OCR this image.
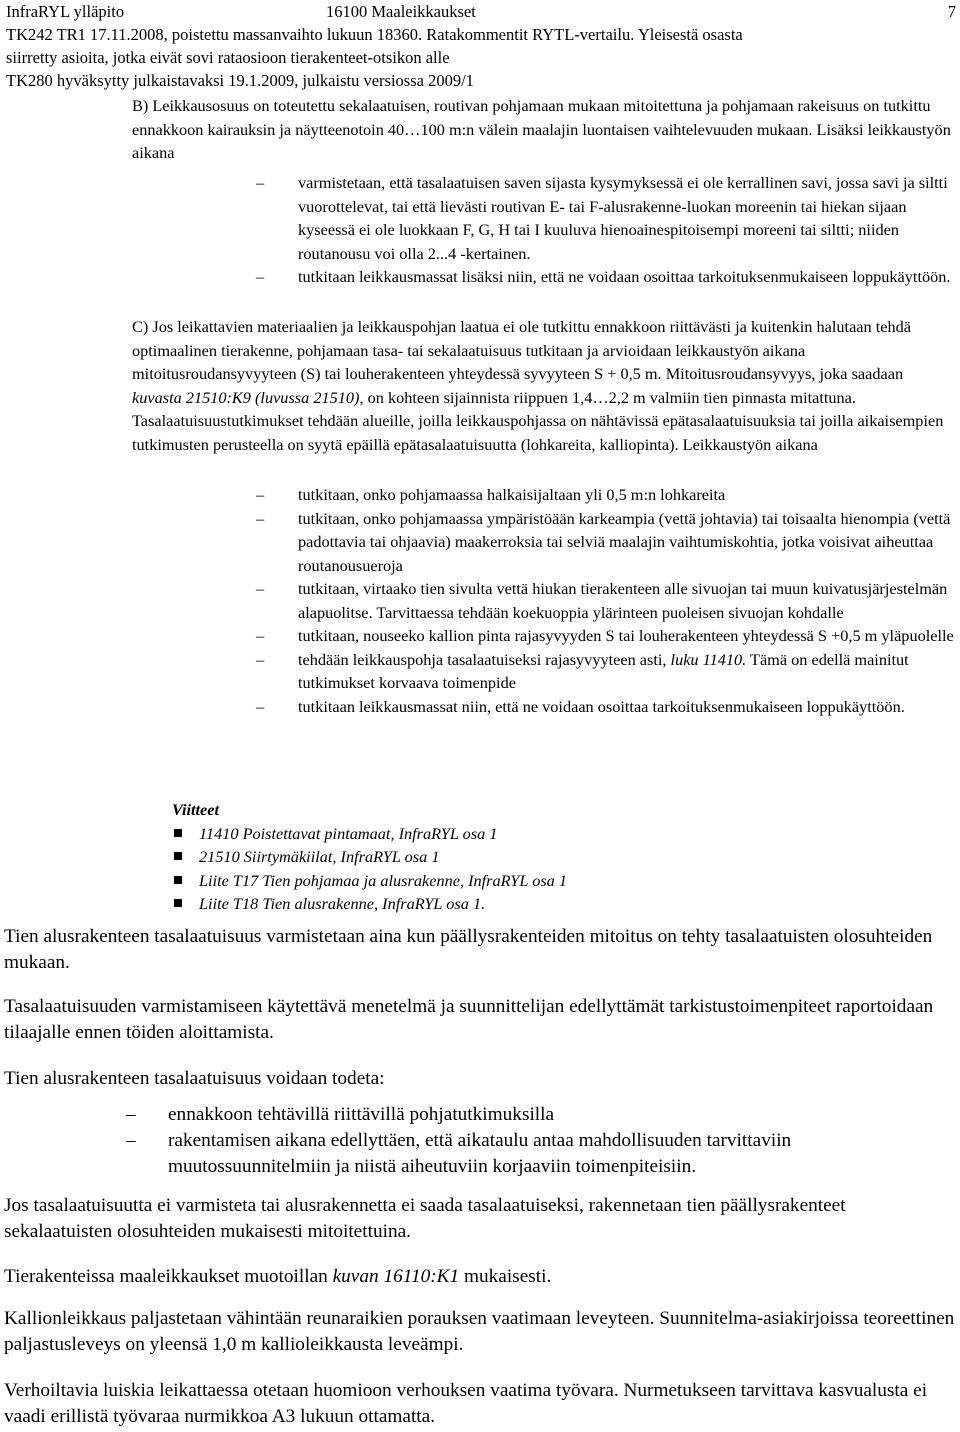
InfraRYL ylläpito	16100 Maaleikkaukset	7
TK242 TR1 17.11.2008, poistettu massanvaihto lukuun 18360. Ratakommentit RYTL-vertailu. Yleisestä osasta
siirretty asioita, jotka eivät sovi rataosioon tierakenteet-otsikon alle
TK280 hyväksytty julkaistavaksi 19.1.2009, julkaistu versiossa 2009/1
B) Leikkausosuus on toteutettu sekalaatuisen, routivan pohjamaan mukaan mitoitettuna ja pohjamaan rakeisuus on tutkittu ennakkoon kairauksin ja näytteenotoin 40…100 m:n välein maalajin luontaisen vaihtelevuuden mukaan. Lisäksi leikkaustyön aikana
– varmistetaan, että tasalaatuisen saven sijasta kysymyksessä ei ole kerrallinen savi, jossa savi ja siltti vuorottelevat, tai että lievästi routivan E- tai F-alusrakenne-luokan moreenin tai hiekan sijaan kyseessä ei ole luokkaan F, G, H tai I kuuluva hienoainespitoisempi moreeni tai siltti; niiden routanousu voi olla 2...4 -kertainen.
– tutkitaan leikkausmassat lisäksi niin, että ne voidaan osoittaa tarkoituksenmukaiseen loppukäyttöön.
C) Jos leikattavien materiaalien ja leikkauspohjan laatua ei ole tutkittu ennakkoon riittävästi ja kuitenkin halutaan tehdä optimaalinen tierakenne, pohjamaan tasa- tai sekalaatuisuus tutkitaan ja arvioidaan leikkaustyön aikana mitoitusroudansyvyyteen (S) tai louherakenteen yhteydessä syvyyteen S + 0,5 m. Mitoitusroudansyvyys, joka saadaan kuvasta 21510:K9 (luvussa 21510), on kohteen sijainnista riippuen 1,4…2,2 m valmiin tien pinnasta mitattuna. Tasalaatuisuustutkimukset tehdään alueille, joilla leikkauspohjassa on nähtävissä epätasalaatuisuuksia tai joilla aikaisempien tutkimusten perusteella on syytä epäillä epätasalaatuisuutta (lohkareita, kalliopinta). Leikkaustyön aikana
– tutkitaan, onko pohjamaassa halkaisijaltaan yli 0,5 m:n lohkareita
– tutkitaan, onko pohjamaassa ympäristöään karkeampia (vettä johtavia) tai toisaalta hienompia (vettä padottavia tai ohjaavia) maakerroksia tai selviä maalajin vaihtumiskohtia, jotka voisivat aiheuttaa routanousueroja
– tutkitaan, virtaako tien sivulta vettä hiukan tierakenteen alle sivuojan tai muun kuivatusjärjestelmän alapuolitse. Tarvittaessa tehdään koekuoppia ylärinteen puoleisen sivuojan kohdalle
– tutkitaan, nouseeko kallion pinta rajasyvyyden S tai louherakenteen yhteydessä S +0,5 m yläpuolelle
– tehdään leikkauspohja tasalaatuiseksi rajasyvyyteen asti, luku 11410. Tämä on edellä mainitut tutkimukset korvaava toimenpide
– tutkitaan leikkausmassat niin, että ne voidaan osoittaa tarkoituksenmukaiseen loppukäyttöön.
Viitteet
11410 Poistettavat pintamaat, InfraRYL osa 1
21510 Siirtymäkiilat, InfraRYL osa 1
Liite T17 Tien pohjamaa ja alusrakenne, InfraRYL osa 1
Liite T18 Tien alusrakenne, InfraRYL osa 1.
Tien alusrakenteen tasalaatuisuus varmistetaan aina kun päällysrakenteiden mitoitus on tehty tasalaatuisten olosuhteiden mukaan.
Tasalaatuisuuden varmistamiseen käytettävä menetelmä ja suunnittelijan edellyttämät tarkistustoimenpiteet raportoidaan tilaajalle ennen töiden aloittamista.
Tien alusrakenteen tasalaatuisuus voidaan todeta:
– ennakkoon tehtävillä riittävillä pohjatutkimuksilla
– rakentamisen aikana edellyttäen, että aikataulu antaa mahdollisuuden tarvittaviin muutossuunnitelmiin ja niistä aiheutuviin korjaaviin toimenpiteisiin.
Jos tasalaatuisuutta ei varmisteta tai alusrakennetta ei saada tasalaatuiseksi, rakennetaan tien päällysrakenteet sekalaatuisten olosuhteiden mukaisesti mitoitettuina.
Tierakenteissa maaleikkaukset muotoillan kuvan 16110:K1 mukaisesti.
Kallionleikkaus paljastetaan vähintään reunaraikien porauksen vaatimaan leveyteen. Suunnitelma-asiakirjoissa teoreettinen paljastusleveys on yleensä 1,0 m kallioleikkausta leveämpi.
Verhoiltavia luiskia leikattaessa otetaan huomioon verhouksen vaatima työvara. Nurmetukseen tarvittava kasvualusta ei vaadi erillistä työvaraa nurmikkoa A3 lukuun ottamatta.
